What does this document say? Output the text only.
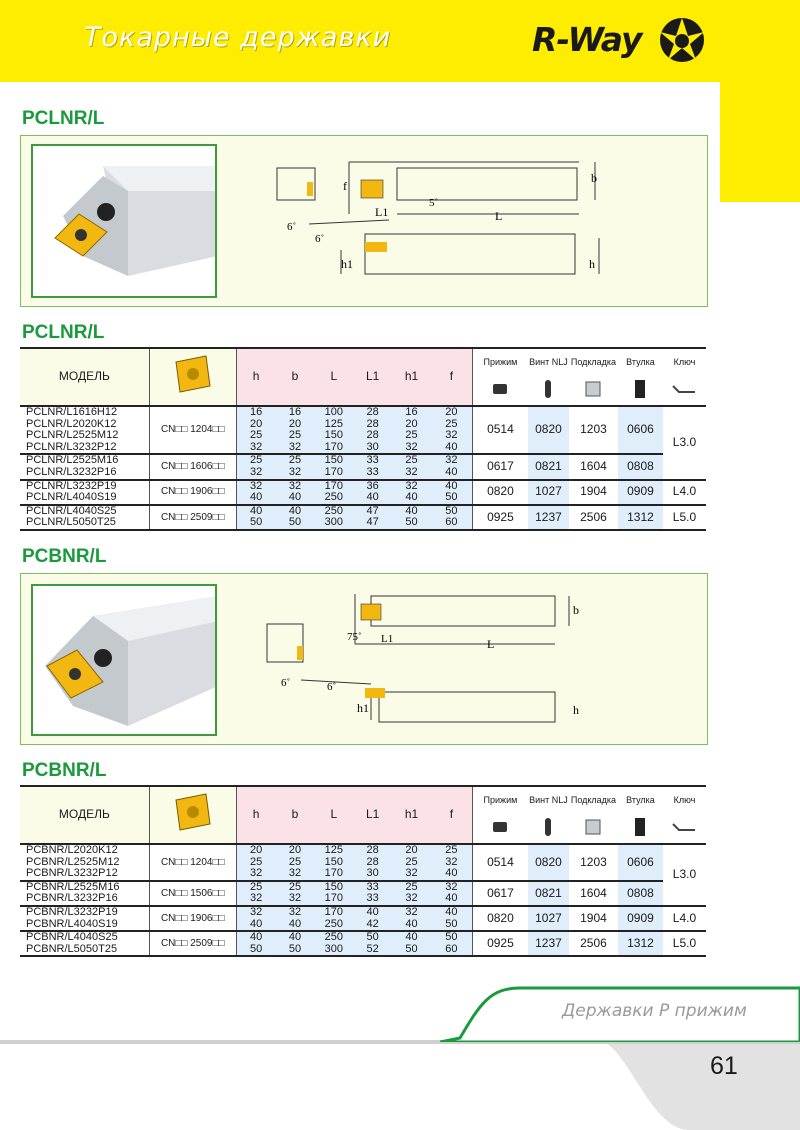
Токарные державки	R-Way
PCLNR/L
b
f
L1	L
5˚
6˚
6˚
h1	h
PCLNR/L
МОДЕЛЬ		h	b	L	L1	h1	f	Прижим	Винт NLJ	Подкладка	Втулка	Ключ

PCLNR/L1616H12	CN□□ 1204□□	16	16	100	28	16	20	0514	0820	1203	0606	L3.0
PCLNR/L2020K12		20	20	125	28	20	25					
PCLNR/L2525M12		25	25	150	28	25	32					
PCLNR/L3232P12		32	32	170	30	32	40					
PCLNR/L2525M16	CN□□ 1606□□	25	25	150	33	25	32	0617	0821	1604	0808	
PCLNR/L3232P16		32	32	170	33	32	40					
PCLNR/L3232P19	CN□□ 1906□□	32	32	170	36	32	40	0820	1027	1904	0909	L4.0
PCLNR/L4040S19		40	40	250	40	40	50					
PCLNR/L4040S25	CN□□ 2509□□	40	40	250	47	40	50	0925	1237	2506	1312	L5.0
PCLNR/L5050T25		50	50	300	47	50	60					
PCBNR/L
b
75˚ L1	L
6˚	6˚
h1	h
PCBNR/L
МОДЕЛЬ		h	b	L	L1	h1	f	Прижим	Винт NLJ	Подкладка	Втулка	Ключ

PCBNR/L2020K12	CN□□ 1204□□	20	20	125	28	20	25	0514	0820	1203	0606	L3.0
PCBNR/L2525M12		25	25	150	28	25	32					
PCBNR/L3232P12		32	32	170	30	32	40					
PCBNR/L2525M16	CN□□ 1506□□	25	25	150	33	25	32	0617	0821	1604	0808	
PCBNR/L3232P16		32	32	170	33	32	40					
PCBNR/L3232P19	CN□□ 1906□□	32	32	170	40	32	40	0820	1027	1904	0909	L4.0
PCBNR/L4040S19		40	40	250	42	40	50					
PCBNR/L4040S25	CN□□ 2509□□	40	40	250	50	40	50	0925	1237	2506	1312	L5.0
PCBNR/L5050T25		50	50	300	52	50	60					
Державки P прижим
61
